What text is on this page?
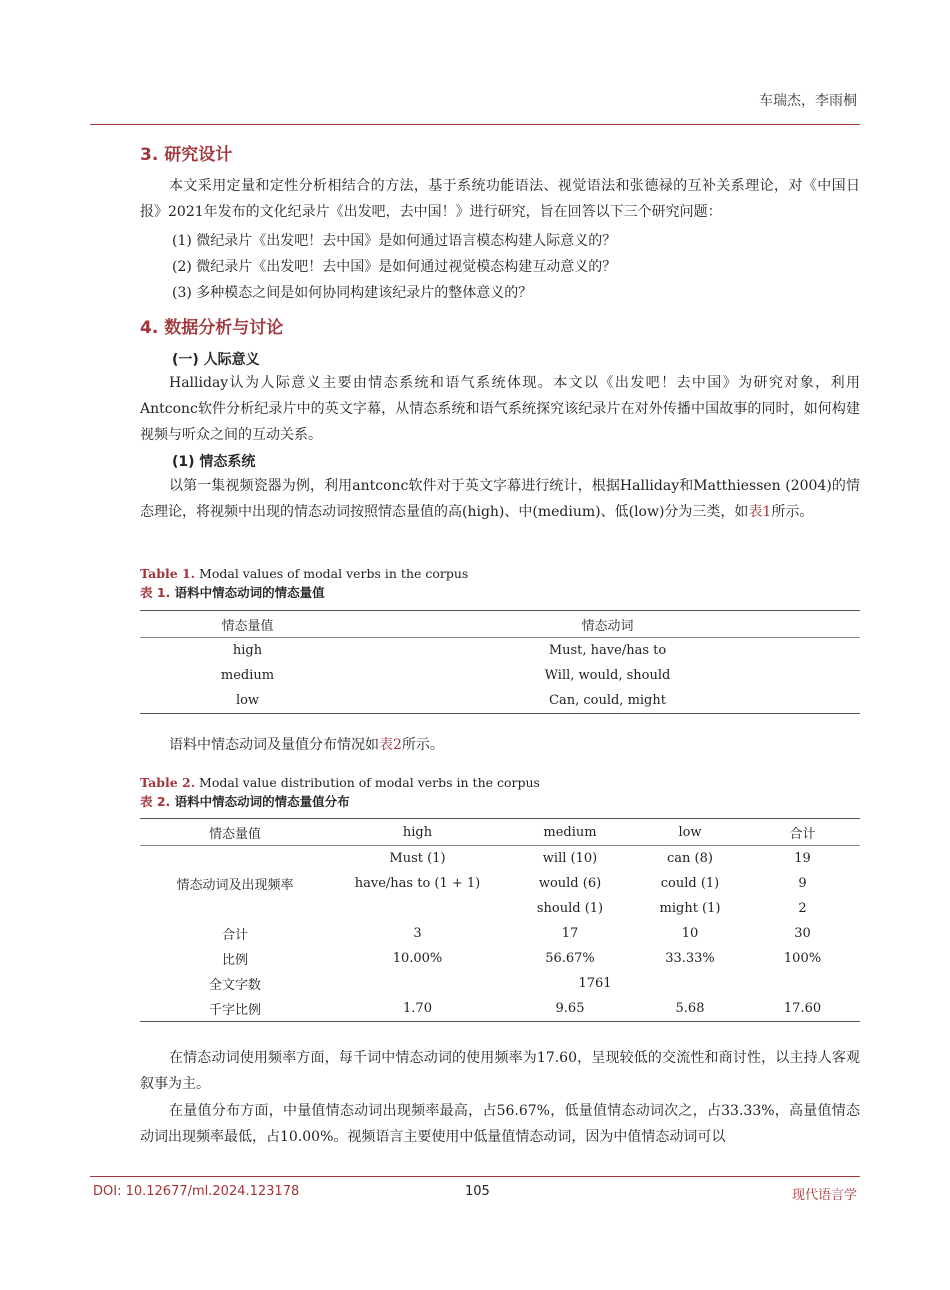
车瑞杰，李雨桐
3. 研究设计

本文采用定量和定性分析相结合的方法，基于系统功能语法、视觉语法和张德禄的互补关系理论，对《中国日报》2021年发布的文化纪录片《出发吧，去中国！》进行研究，旨在回答以下三个研究问题：

(1) 微纪录片《出发吧！去中国》是如何通过语言模态构建人际意义的？
(2) 微纪录片《出发吧！去中国》是如何通过视觉模态构建互动意义的？
(3) 多种模态之间是如何协同构建该纪录片的整体意义的？
4. 数据分析与讨论
(一) 人际意义

Halliday认为人际意义主要由情态系统和语气系统体现。本文以《出发吧！去中国》为研究对象，利用Antconc软件分析纪录片中的英文字幕，从情态系统和语气系统探究该纪录片在对外传播中国故事的同时，如何构建视频与听众之间的互动关系。

(1) 情态系统

以第一集视频瓷器为例，利用antconc软件对于英文字幕进行统计，根据Halliday和Matthiessen (2004)的情态理论，将视频中出现的情态动词按照情态量值的高(high)、中(medium)、低(low)分为三类，如表1所示。

Table 1. Modal values of modal verbs in the corpus
表 1. 语料中情态动词的情态量值
情态量值	情态动词
high	Must, have/has to
medium	Will, would, should
low	Can, could, might

语料中情态动词及量值分布情况如表2所示。

Table 2. Modal value distribution of modal verbs in the corpus
表 2. 语料中情态动词的情态量值分布
情态量值	high	medium	low	合计
情态动词及出现频率	Must (1)	will (10)	can (8)	19
	have/has to (1 + 1)	would (6)	could (1)	9
		should (1)	might (1)	2
合计	3	17	10	30
比例	10.00%	56.67%	33.33%	100%
全文字数	1761			
千字比例	1.70	9.65	5.68	17.60

在情态动词使用频率方面，每千词中情态动词的使用频率为17.60，呈现较低的交流性和商讨性，以主持人客观叙事为主。

在量值分布方面，中量值情态动词出现频率最高，占56.67%，低量值情态动词次之，占33.33%，高量值情态动词出现频率最低，占10.00%。视频语言主要使用中低量值情态动词，因为中值情态动词可以

DOI: 10.12677/ml.2024.123178	105	现代语言学
